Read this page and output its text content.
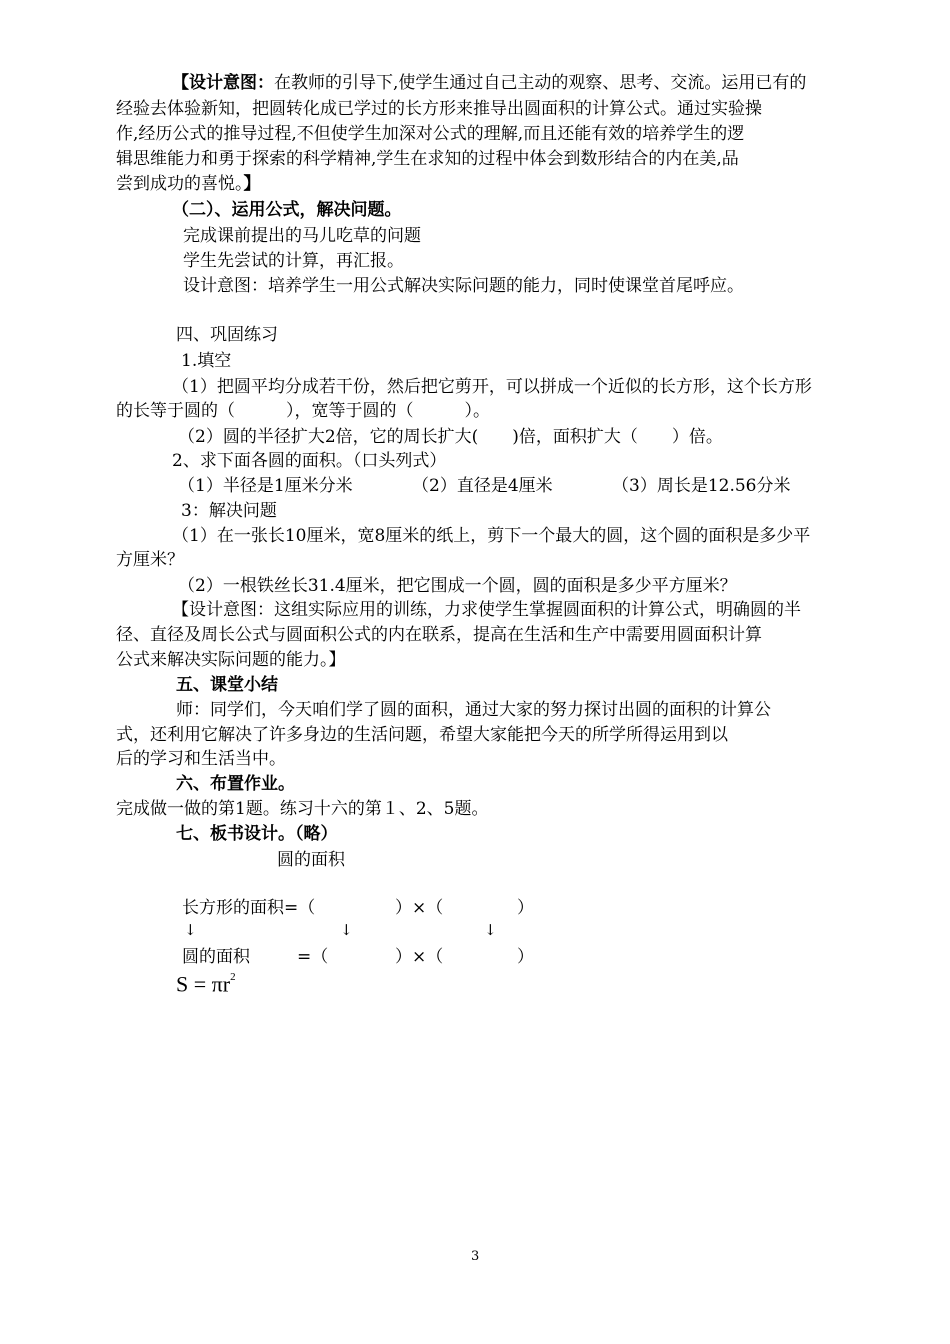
【设计意图：在教师的引导下,使学生通过自己主动的观察、思考、交流。运用已有的
经验去体验新知，把圆转化成已学过的长方形来推导出圆面积的计算公式。通过实验操
作,经历公式的推导过程,不但使学生加深对公式的理解,而且还能有效的培养学生的逻
辑思维能力和勇于探索的科学精神,学生在求知的过程中体会到数形结合的内在美,品
尝到成功的喜悦。】
（二）、运用公式，解决问题。
完成课前提出的马儿吃草的问题
学生先尝试的计算，再汇报。
设计意图：培养学生一用公式解决实际问题的能力，同时使课堂首尾呼应。
四、巩固练习
1.填空
（1）把圆平均分成若干份，然后把它剪开，可以拼成一个近似的长方形，这个长方形
的长等于圆的（　　　），宽等于圆的（　　　）。
（2）圆的半径扩大2倍，它的周长扩大(　　)倍，面积扩大（　　）倍。
2、求下面各圆的面积。（口头列式）
（1）半径是1厘米分米	（2）直径是4厘米	（3）周长是12.56分米
3：解决问题
（1）在一张长10厘米，宽8厘米的纸上，剪下一个最大的圆，这个圆的面积是多少平
方厘米？
（2）一根铁丝长31.4厘米，把它围成一个圆，圆的面积是多少平方厘米？
【设计意图：这组实际应用的训练，力求使学生掌握圆面积的计算公式，明确圆的半
径、直径及周长公式与圆面积公式的内在联系，提高在生活和生产中需要用圆面积计算
公式来解决实际问题的能力。】
五、课堂小结
师：同学们，今天咱们学了圆的面积，通过大家的努力探讨出圆的面积的计算公
式，还利用它解决了许多身边的生活问题，希望大家能把今天的所学所得运用到以
后的学习和生活当中。
六、布置作业。
完成做一做的第1题。练习十六的第１、2、5题。
七、板书设计。（略）
圆的面积
长方形的面积=（	）×（	）
↓	↓	↓
圆的面积	=（	）×（	）
$S = \pi r^2$
3
